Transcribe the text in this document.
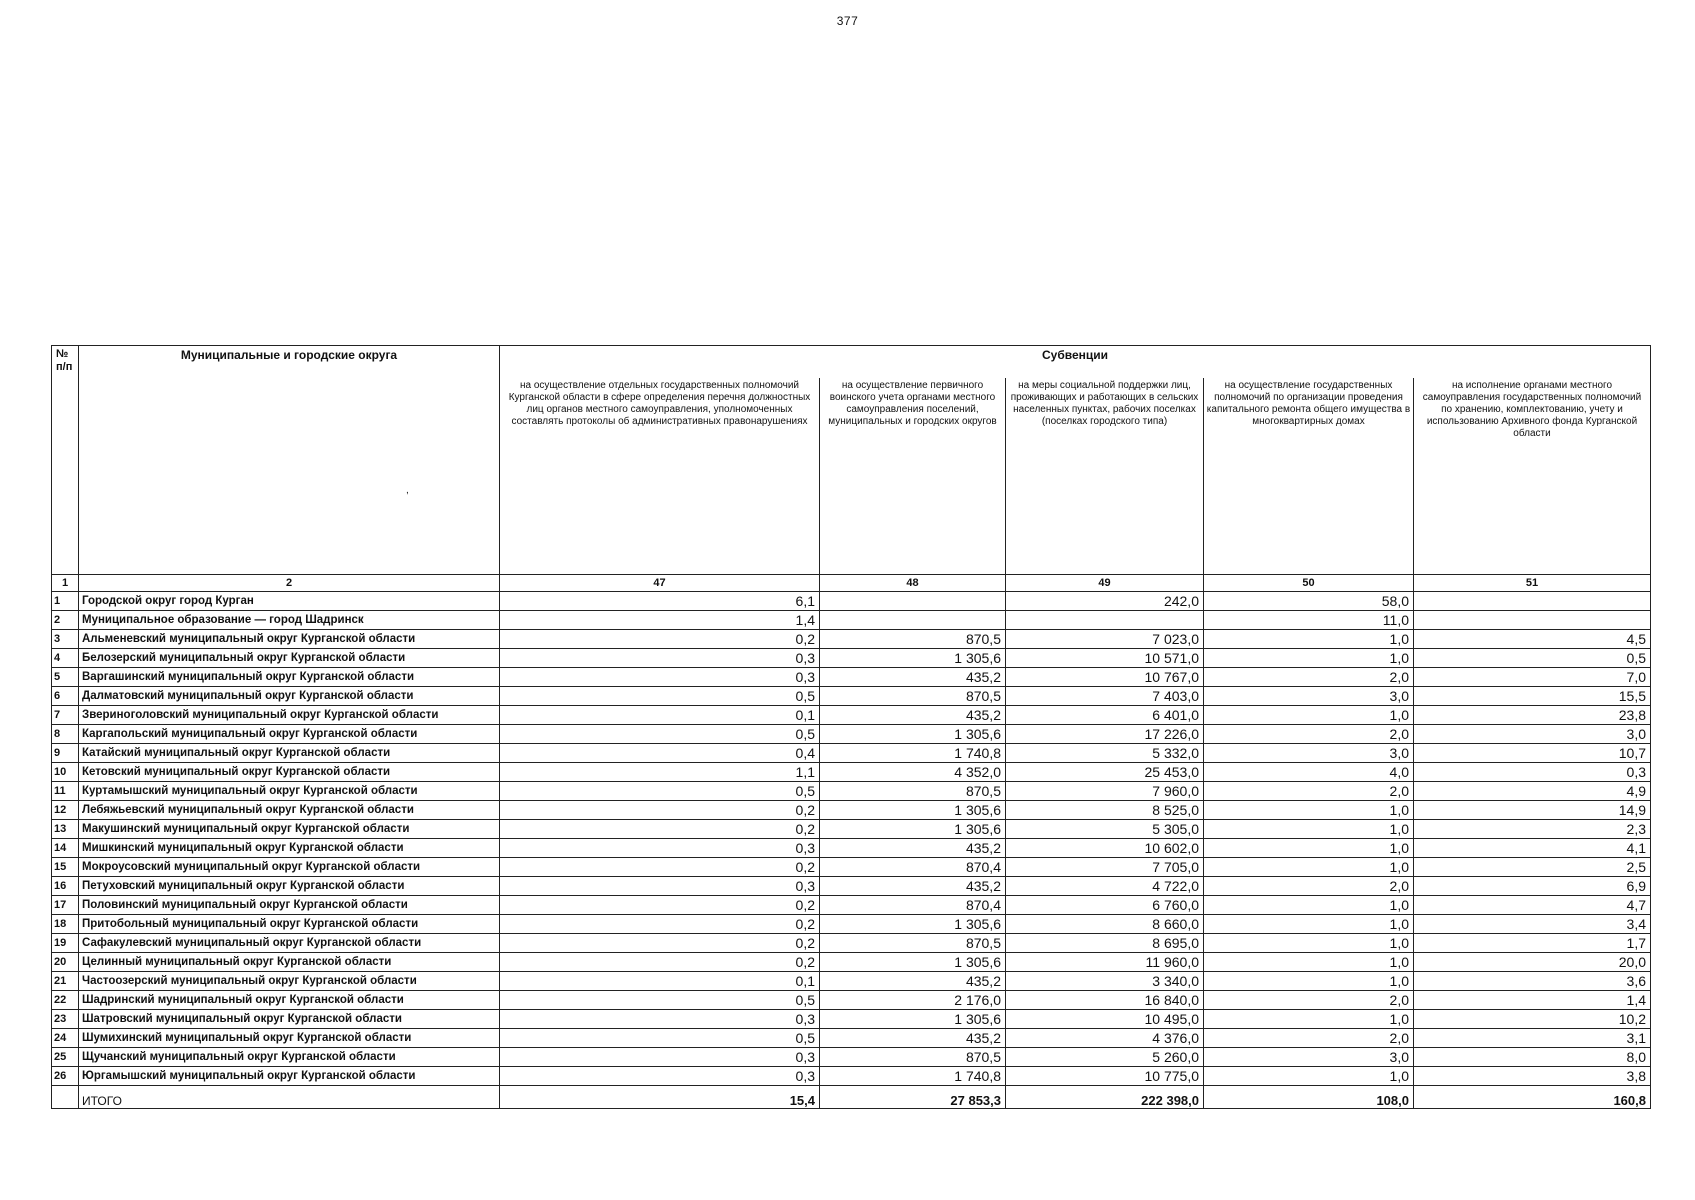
377
,
№
п/п	Муниципальные и городские округа	Субвенции				
		на осуществление отдельных государственных полномочий Курганской области в сфере определения перечня должностных лиц органов местного самоуправления, уполномоченных составлять протоколы об административных правонарушениях	на осуществление первичного воинского учета органами местного самоуправления поселений, муниципальных и городских округов	на меры социальной поддержки лиц, проживающих и работающих в сельских населенных пунктах, рабочих поселках (поселках городского типа)	на осуществление государственных полномочий по организации проведения капитального ремонта общего имущества в многоквартирных домах	на исполнение органами местного самоуправления государственных полномочий по хранению, комплектованию, учету и использованию Архивного фонда Курганской области
1	2	47	48	49	50	51
1	Городской округ город Курган	6,1		242,0	58,0	
2	Муниципальное образование — город Шадринск	1,4			11,0	
3	Альменевский муниципальный округ Курганской области	0,2	870,5	7 023,0	1,0	4,5
4	Белозерский муниципальный округ Курганской области	0,3	1 305,6	10 571,0	1,0	0,5
5	Варгашинский муниципальный округ Курганской области	0,3	435,2	10 767,0	2,0	7,0
6	Далматовский муниципальный округ Курганской области	0,5	870,5	7 403,0	3,0	15,5
7	Звериноголовский муниципальный округ Курганской области	0,1	435,2	6 401,0	1,0	23,8
8	Каргапольский муниципальный округ Курганской области	0,5	1 305,6	17 226,0	2,0	3,0
9	Катайский муниципальный округ Курганской области	0,4	1 740,8	5 332,0	3,0	10,7
10	Кетовский муниципальный округ Курганской области	1,1	4 352,0	25 453,0	4,0	0,3
11	Куртамышский муниципальный округ Курганской области	0,5	870,5	7 960,0	2,0	4,9
12	Лебяжьевский муниципальный округ Курганской области	0,2	1 305,6	8 525,0	1,0	14,9
13	Макушинский муниципальный округ Курганской области	0,2	1 305,6	5 305,0	1,0	2,3
14	Мишкинский муниципальный округ Курганской области	0,3	435,2	10 602,0	1,0	4,1
15	Мокроусовский муниципальный округ Курганской области	0,2	870,4	7 705,0	1,0	2,5
16	Петуховский муниципальный округ Курганской области	0,3	435,2	4 722,0	2,0	6,9
17	Половинский муниципальный округ Курганской области	0,2	870,4	6 760,0	1,0	4,7
18	Притобольный муниципальный округ Курганской области	0,2	1 305,6	8 660,0	1,0	3,4
19	Сафакулевский муниципальный округ Курганской области	0,2	870,5	8 695,0	1,0	1,7
20	Целинный муниципальный округ Курганской области	0,2	1 305,6	11 960,0	1,0	20,0
21	Частоозерский муниципальный округ Курганской области	0,1	435,2	3 340,0	1,0	3,6
22	Шадринский муниципальный округ Курганской области	0,5	2 176,0	16 840,0	2,0	1,4
23	Шатровский муниципальный округ Курганской области	0,3	1 305,6	10 495,0	1,0	10,2
24	Шумихинский муниципальный округ Курганской области	0,5	435,2	4 376,0	2,0	3,1
25	Щучанский муниципальный округ Курганской области	0,3	870,5	5 260,0	3,0	8,0
26	Юргамышский муниципальный округ Курганской области	0,3	1 740,8	10 775,0	1,0	3,8
	ИТОГО	15,4	27 853,3	222 398,0	108,0	160,8
